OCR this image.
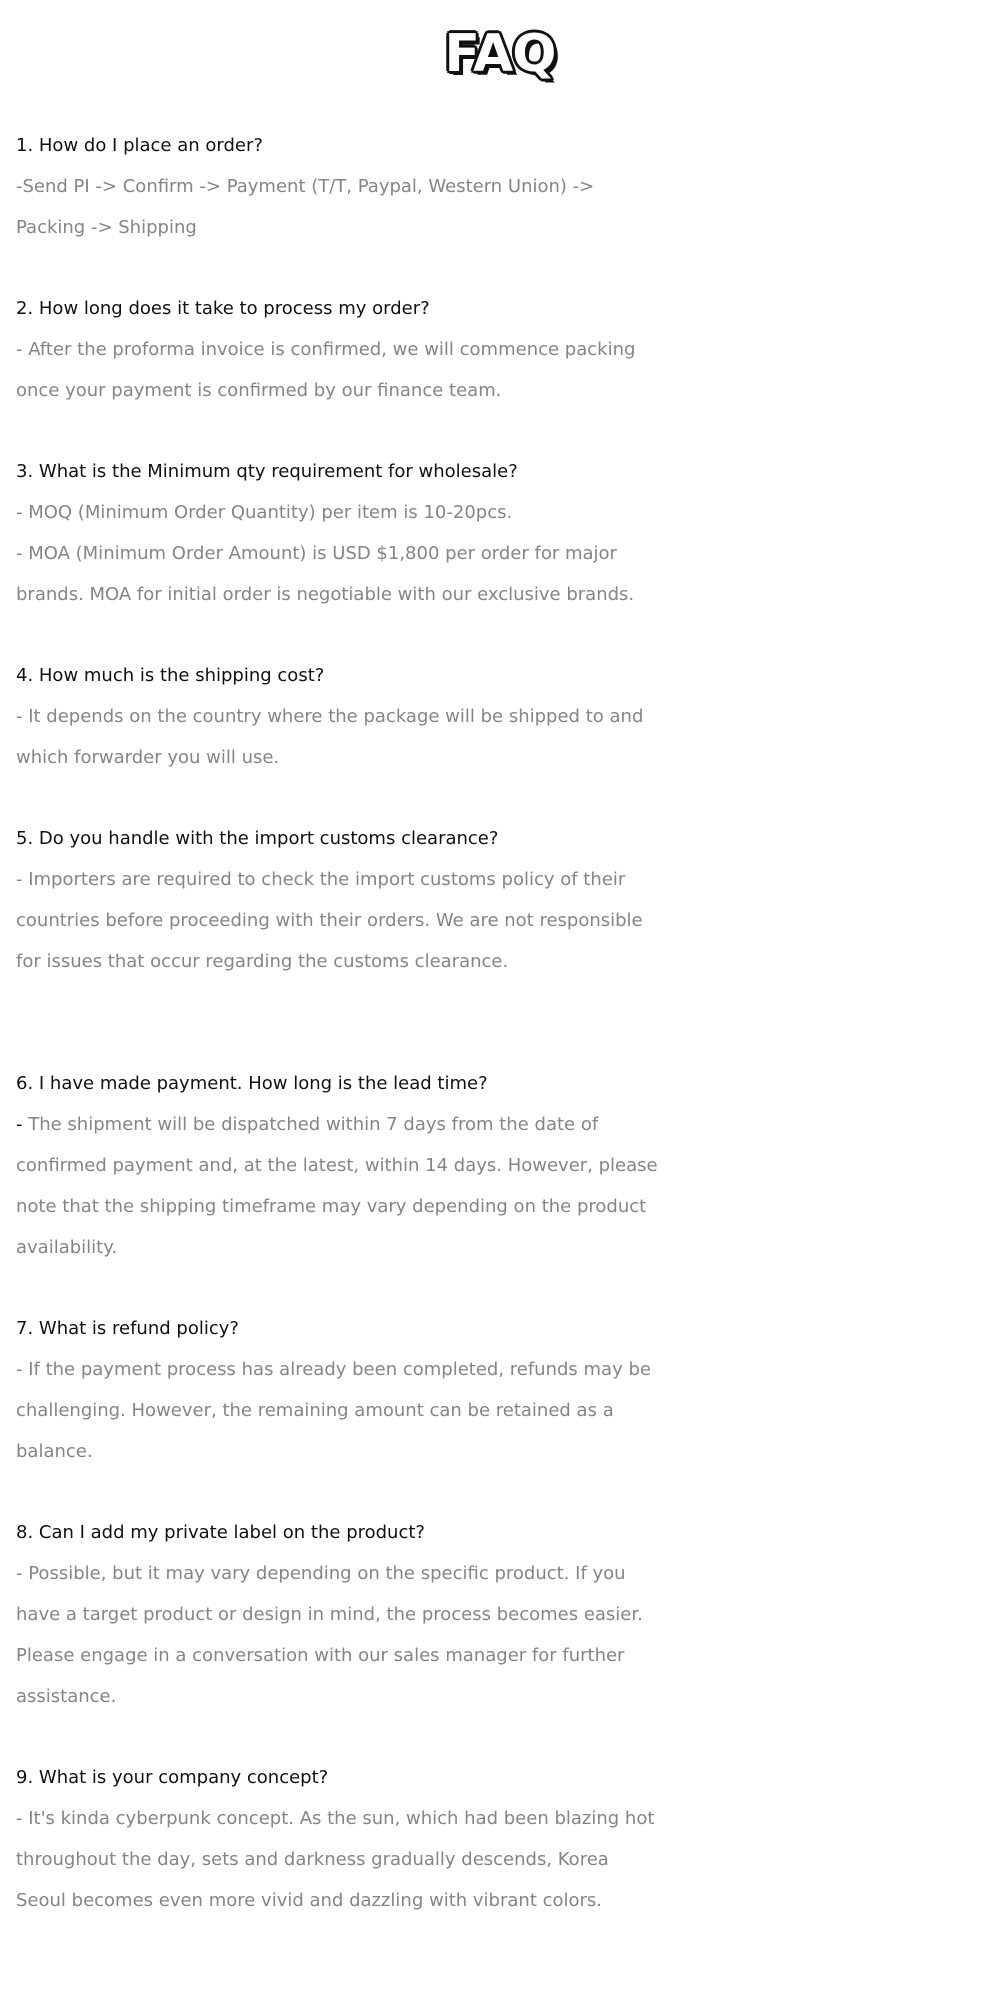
FAQ
1. How do I place an order?
-Send PI -> Confirm -> Payment (T/T, Paypal, Western Union) ->
Packing -> Shipping
2. How long does it take to process my order?
- After the proforma invoice is confirmed, we will commence packing
once your payment is confirmed by our finance team.
3. What is the Minimum qty requirement for wholesale?
- MOQ (Minimum Order Quantity) per item is 10-20pcs.
- MOA (Minimum Order Amount) is USD $1,800 per order for major
brands. MOA for initial order is negotiable with our exclusive brands.
4. How much is the shipping cost?
- It depends on the country where the package will be shipped to and
which forwarder you will use.
5. Do you handle with the import customs clearance?
- Importers are required to check the import customs policy of their
countries before proceeding with their orders. We are not responsible
for issues that occur regarding the customs clearance.
6. I have made payment. How long is the lead time?
- The shipment will be dispatched within 7 days from the date of
confirmed payment and, at the latest, within 14 days. However, please
note that the shipping timeframe may vary depending on the product
availability.
7. What is refund policy?
- If the payment process has already been completed, refunds may be
challenging. However, the remaining amount can be retained as a
balance.
8. Can I add my private label on the product?
- Possible, but it may vary depending on the specific product. If you
have a target product or design in mind, the process becomes easier.
Please engage in a conversation with our sales manager for further
assistance.
9. What is your company concept?
- It's kinda cyberpunk concept. As the sun, which had been blazing hot
throughout the day, sets and darkness gradually descends, Korea
Seoul becomes even more vivid and dazzling with vibrant colors.
